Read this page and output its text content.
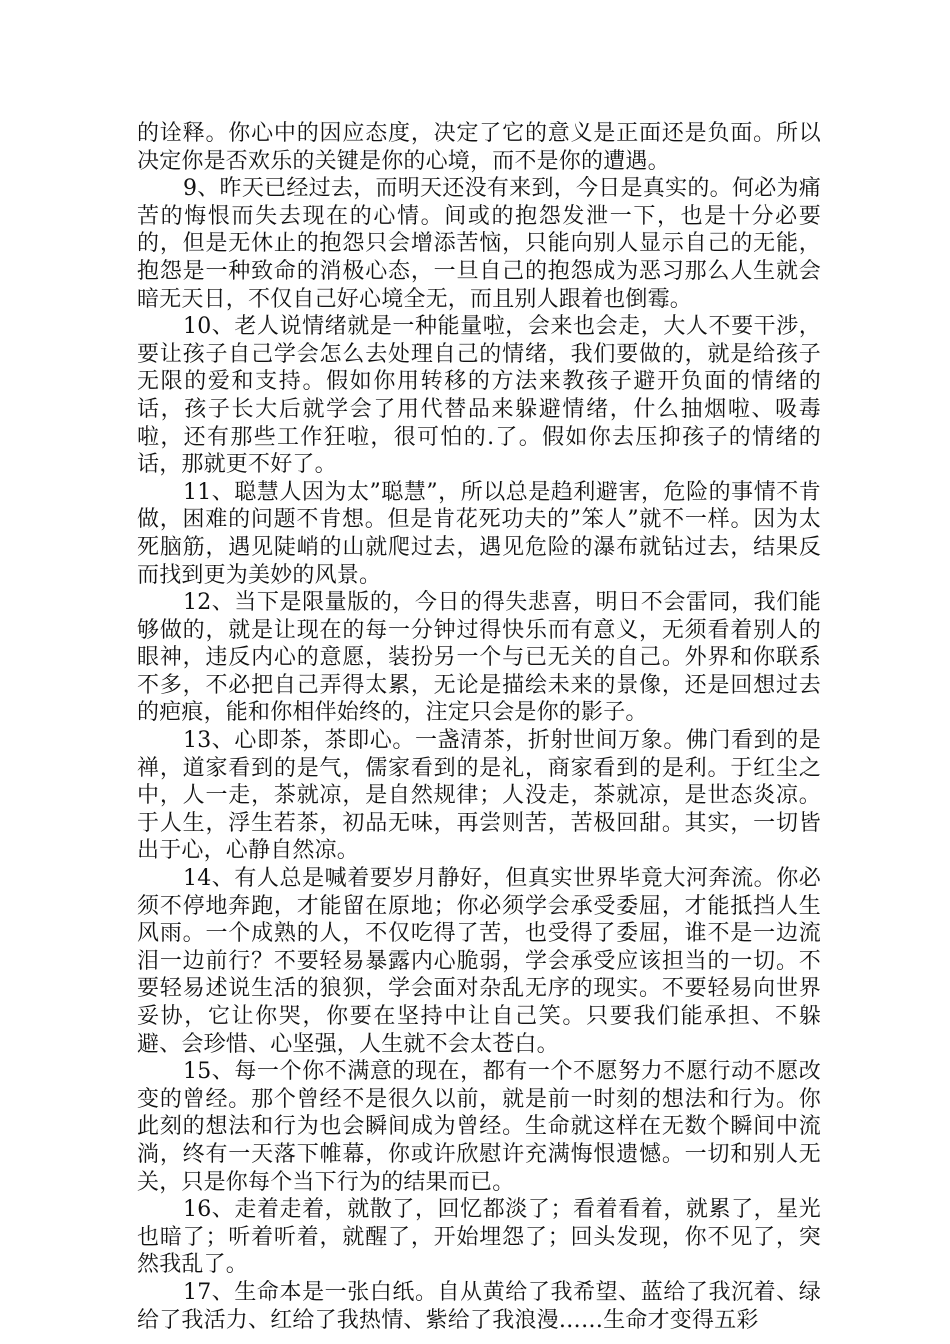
的诠释。你心中的因应态度，决定了它的意义是正面还是负面。所以决定你是否欢乐的关键是你的心境，而不是你的遭遇。

9、昨天已经过去，而明天还没有来到，今日是真实的。何必为痛苦的悔恨而失去现在的心情。间或的抱怨发泄一下，也是十分必要的，但是无休止的抱怨只会增添苦恼，只能向别人显示自己的无能，抱怨是一种致命的消极心态，一旦自己的抱怨成为恶习那么人生就会暗无天日，不仅自己好心境全无，而且别人跟着也倒霉。

10、老人说情绪就是一种能量啦，会来也会走，大人不要干涉，要让孩子自己学会怎么去处理自己的情绪，我们要做的，就是给孩子无限的爱和支持。假如你用转移的方法来教孩子避开负面的情绪的话，孩子长大后就学会了用代替品来躲避情绪，什么抽烟啦、吸毒啦，还有那些工作狂啦，很可怕的.了。假如你去压抑孩子的情绪的话，那就更不好了。

11、聪慧人因为太”聪慧”，所以总是趋利避害，危险的事情不肯做，困难的问题不肯想。但是肯花死功夫的”笨人”就不一样。因为太死脑筋，遇见陡峭的山就爬过去，遇见危险的瀑布就钻过去，结果反而找到更为美妙的风景。

12、当下是限量版的，今日的得失悲喜，明日不会雷同，我们能够做的，就是让现在的每一分钟过得快乐而有意义，无须看着别人的眼神，违反内心的意愿，装扮另一个与已无关的自己。外界和你联系不多，不必把自己弄得太累，无论是描绘未来的景像，还是回想过去的疤痕，能和你相伴始终的，注定只会是你的影子。

13、心即茶，茶即心。一盏清茶，折射世间万象。佛门看到的是禅，道家看到的是气，儒家看到的是礼，商家看到的是利。于红尘之中，人一走，茶就凉，是自然规律；人没走，茶就凉，是世态炎凉。于人生，浮生若茶，初品无味，再尝则苦，苦极回甜。其实，一切皆出于心，心静自然凉。

14、有人总是喊着要岁月静好，但真实世界毕竟大河奔流。你必须不停地奔跑，才能留在原地；你必须学会承受委屈，才能抵挡人生风雨。一个成熟的人，不仅吃得了苦，也受得了委屈，谁不是一边流泪一边前行？不要轻易暴露内心脆弱，学会承受应该担当的一切。不要轻易述说生活的狼狈，学会面对杂乱无序的现实。不要轻易向世界妥协，它让你哭，你要在坚持中让自己笑。只要我们能承担、不躲避、会珍惜、心坚强，人生就不会太苍白。

15、每一个你不满意的现在，都有一个不愿努力不愿行动不愿改变的曾经。那个曾经不是很久以前，就是前一时刻的想法和行为。你此刻的想法和行为也会瞬间成为曾经。生命就这样在无数个瞬间中流淌，终有一天落下帷幕，你或许欣慰许充满悔恨遗憾。一切和别人无关，只是你每个当下行为的结果而已。

16、走着走着，就散了，回忆都淡了；看着看着，就累了，星光也暗了；听着听着，就醒了，开始埋怨了；回头发现，你不见了，突然我乱了。

17、生命本是一张白纸。自从黄给了我希望、蓝给了我沉着、绿给了我活力、红给了我热情、紫给了我浪漫……生命才变得五彩
